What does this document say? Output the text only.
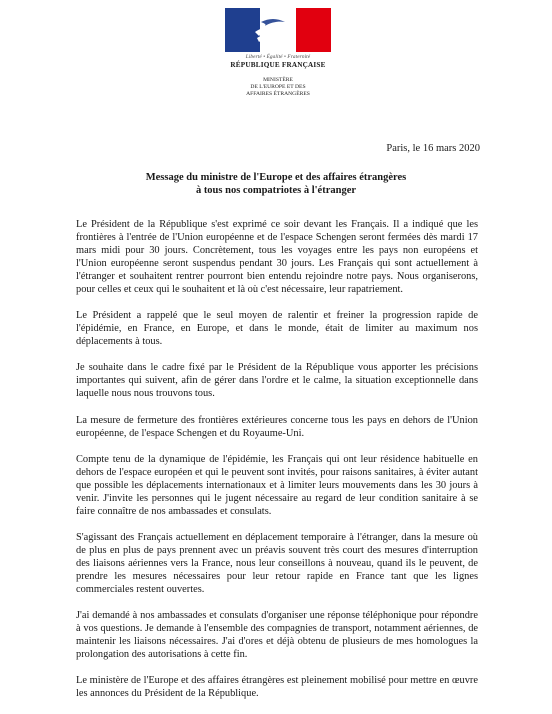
Liberté • Égalité • Fraternité
RÉPUBLIQUE FRANÇAISE
MINISTÈRE
DE L'EUROPE ET DES
AFFAIRES ÉTRANGÈRES
Paris, le 16 mars 2020
Message du ministre de l'Europe et des affaires étrangères
à tous nos compatriotes à l'étranger

Le Président de la République s'est exprimé ce soir devant les Français. Il a indiqué que les frontières à l'entrée de l'Union européenne et de l'espace Schengen seront fermées dès mardi 17 mars midi pour 30 jours. Concrètement, tous les voyages entre les pays non européens et l'Union européenne seront suspendus pendant 30 jours. Les Français qui sont actuellement à l'étranger et souhaitent rentrer pourront bien entendu rejoindre notre pays. Nous organiserons, pour celles et ceux qui le souhaitent et là où c'est nécessaire, leur rapatriement.

Le Président a rappelé que le seul moyen de ralentir et freiner la progression rapide de l'épidémie, en France, en Europe, et dans le monde, était de limiter au maximum nos déplacements à tous.

Je souhaite dans le cadre fixé par le Président de la République vous apporter les précisions importantes qui suivent, afin de gérer dans l'ordre et le calme, la situation exceptionnelle dans laquelle nous nous trouvons tous.

La mesure de fermeture des frontières extérieures concerne tous les pays en dehors de l'Union européenne, de l'espace Schengen et du Royaume-Uni.

Compte tenu de la dynamique de l'épidémie, les Français qui ont leur résidence habituelle en dehors de l'espace européen et qui le peuvent sont invités, pour raisons sanitaires, à éviter autant que possible les déplacements internationaux et à limiter leurs mouvements dans les 30 jours à venir. J'invite les personnes qui le jugent nécessaire au regard de leur condition sanitaire à se faire connaître de nos ambassades et consulats.

S'agissant des Français actuellement en déplacement temporaire à l'étranger, dans la mesure où de plus en plus de pays prennent avec un préavis souvent très court des mesures d'interruption des liaisons aériennes vers la France, nous leur conseillons à nouveau, quand ils le peuvent, de prendre les mesures nécessaires pour leur retour rapide en France tant que les lignes commerciales restent ouvertes.

J'ai demandé à nos ambassades et consulats d'organiser une réponse téléphonique pour répondre à vos questions. Je demande à l'ensemble des compagnies de transport, notamment aériennes, de maintenir les liaisons nécessaires. J'ai d'ores et déjà obtenu de plusieurs de mes homologues la prolongation des autorisations à cette fin.

Le ministère de l'Europe et des affaires étrangères est pleinement mobilisé pour mettre en œuvre les annonces du Président de la République.
